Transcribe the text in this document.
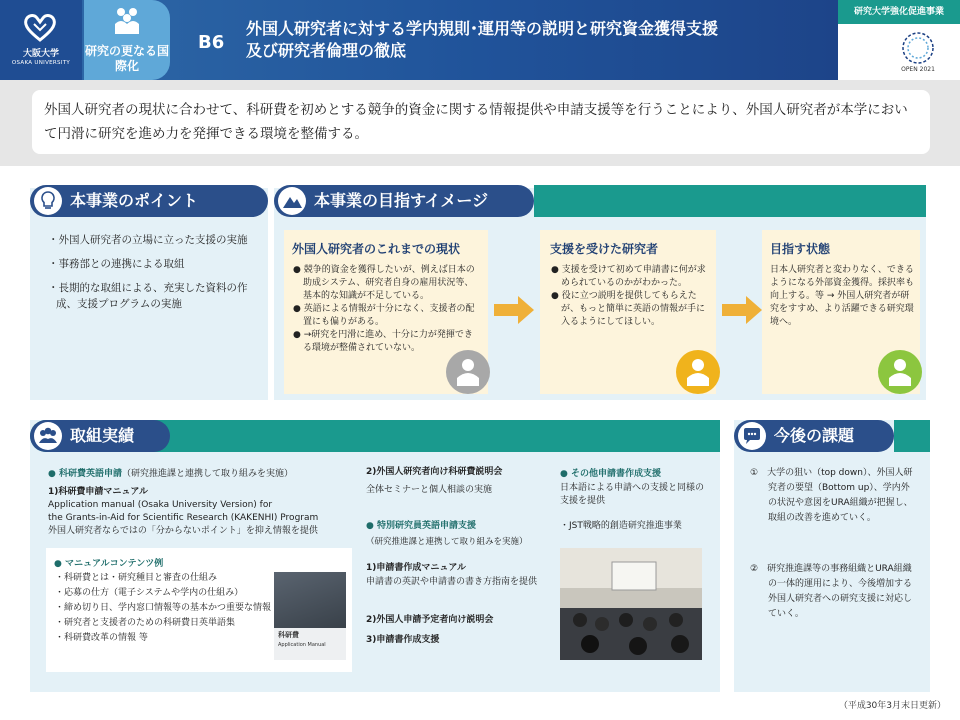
大阪大学
OSAKA UNIVERSITY
研究の更なる国際化
B6
外国人研究者に対する学内規則･運用等の説明と研究資金獲得支援
及び研究者倫理の徹底
研究大学強化促進事業
OPEN 2021
外国人研究者の現状に合わせて、科研費を初めとする競争的資金に関する情報提供や申請支援等を行うことにより、外国人研究者が本学において円滑に研究を進め力を発揮できる環境を整備する。
本事業のポイント
・外国人研究者の立場に立った支援の実施
・事務部との連携による取組
・長期的な取組による、充実した資料の作成、支援プログラムの実施
本事業の目指すイメージ
外国人研究者のこれまでの現状
● 競争的資金を獲得したいが、例えば日本の助成システム、研究者自身の雇用状況等、基本的な知識が不足している。
● 英語による情報が十分になく、支援者の配置にも偏りがある。
● →研究を円滑に進め、十分に力が発揮できる環境が整備されていない。
支援を受けた研究者
● 支援を受けて初めて申請書に何が求められているのかがわかった。
● 役に立つ説明を提供してもらえたが、もっと簡単に英語の情報が手に入るようにしてほしい。
目指す状態
日本人研究者と変わりなく、できるようになる外部資金獲得。採択率も向上する。等 → 外国人研究者が研究をすすめ、より活躍できる研究環境へ。
取組実績
● 科研費英語申請（研究推進課と連携して取り組みを実施）
1)科研費申請マニュアル
Application manual (Osaka University Version) for
the Grants-in-Aid for Scientific Research (KAKENHI) Program
外国人研究者ならではの「分からないポイント」を抑え情報を提供
● マニュアルコンテンツ例
・科研費とは・研究種目と審査の仕組み
・応募の仕方（電子システムや学内の仕組み）
・締め切り日、学内窓口情報等の基本かつ重要な情報
・研究者と支援者のための科研費日英単語集
・科研費改革の情報 等	科研費
Application Manual
2)外国人研究者向け科研費説明会
全体セミナーと個人相談の実施
● 特別研究員英語申請支援
（研究推進課と連携して取り組みを実施）
1)申請書作成マニュアル
申請書の英訳や申請書の書き方指南を提供
2)外国人申請予定者向け説明会
3)申請書作成支援
● その他申請書作成支援
日本語による申請への支援と同様の支援を提供
・JST戦略的創造研究推進事業
今後の課題
①　大学の狙い（top down）、外国人研究者の要望（Bottom up）、学内外の状況や意図をURA組織が把握し、取組の改善を進めていく。
②　研究推進課等の事務組織とURA組織の一体的運用により、今後増加する外国人研究者への研究支援に対応していく。
（平成30年3月末日更新）
